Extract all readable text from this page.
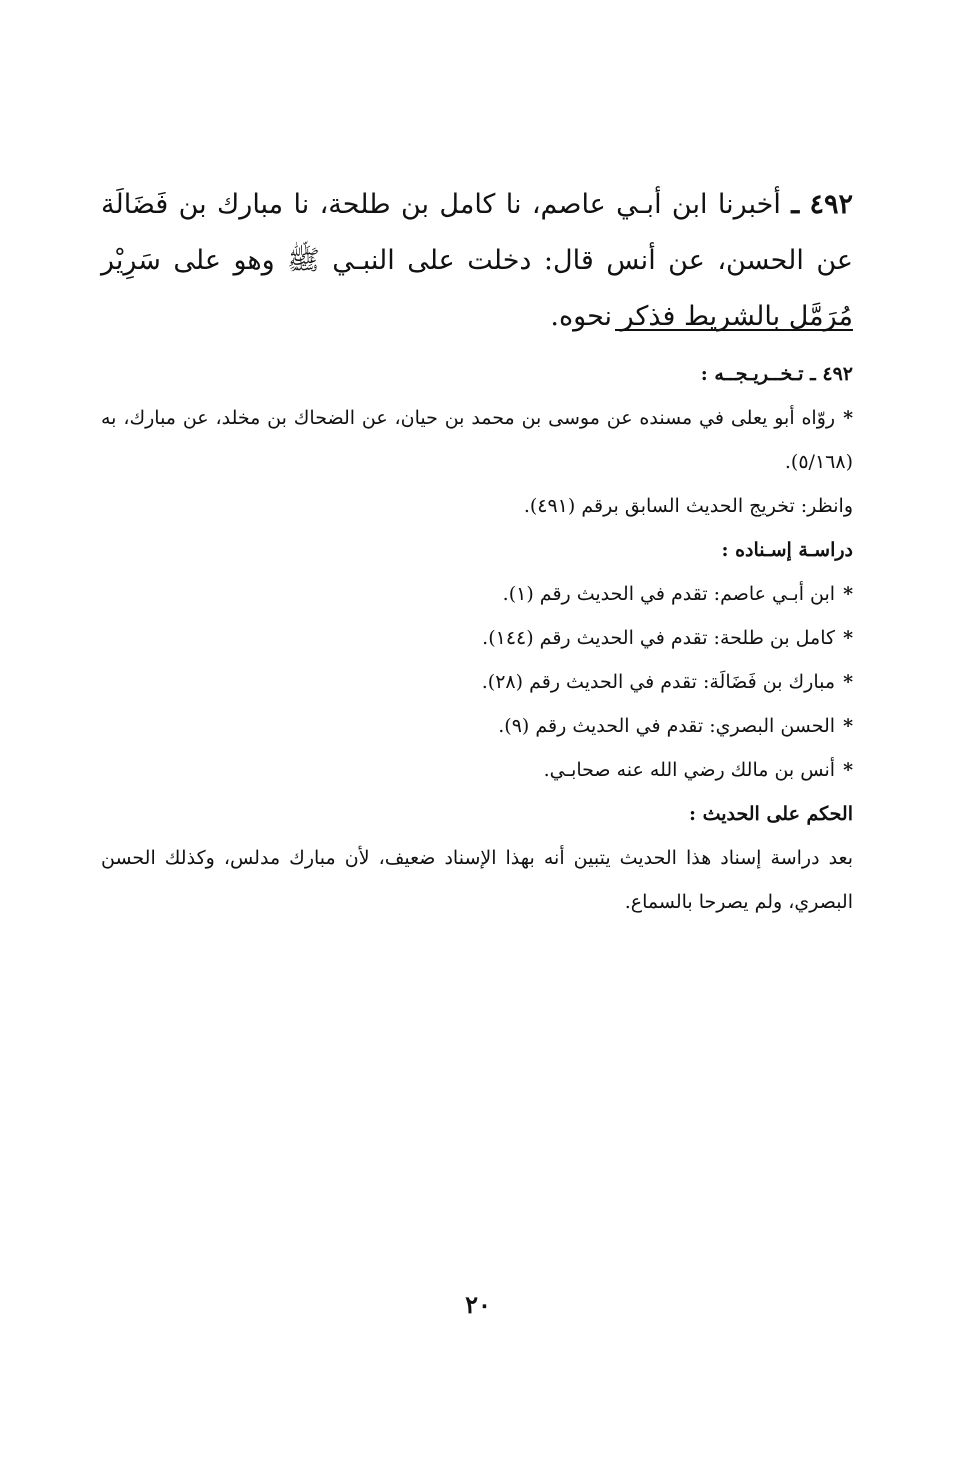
٤٩٢ ـ أخبرنا ابن أبـي عاصم، نا كامل بن طلحة، نا مبارك بن فَضَالَة عن الحسن، عن أنس قال: دخلت على النبـي ﷺ وهو على سَرِيْر مُرَمَّل بالشريط فذكر نحوه.

٤٩٢ ـ تـخــريـجــه :

*روّاه أبو يعلى في مسنده عن موسى بن محمد بن حيان، عن الضحاك بن مخلد، عن مبارك، به (٥/١٦٨).

وانظر: تخريج الحديث السابق برقم (٤٩١).

دراسـة إسـناده :

*ابن أبـي عاصم: تقدم في الحديث رقم (١).

*كامل بن طلحة: تقدم في الحديث رقم (١٤٤).

*مبارك بن فَضَالَة: تقدم في الحديث رقم (٢٨).

*الحسن البصري: تقدم في الحديث رقم (٩).

*أنس بن مالك رضي الله عنه صحابـي.

الحكم على الحديث :

بعد دراسة إسناد هذا الحديث يتبين أنه بهذا الإسناد ضعيف، لأن مبارك مدلس، وكذلك الحسن البصري، ولم يصرحا بالسماع.

٢٠
